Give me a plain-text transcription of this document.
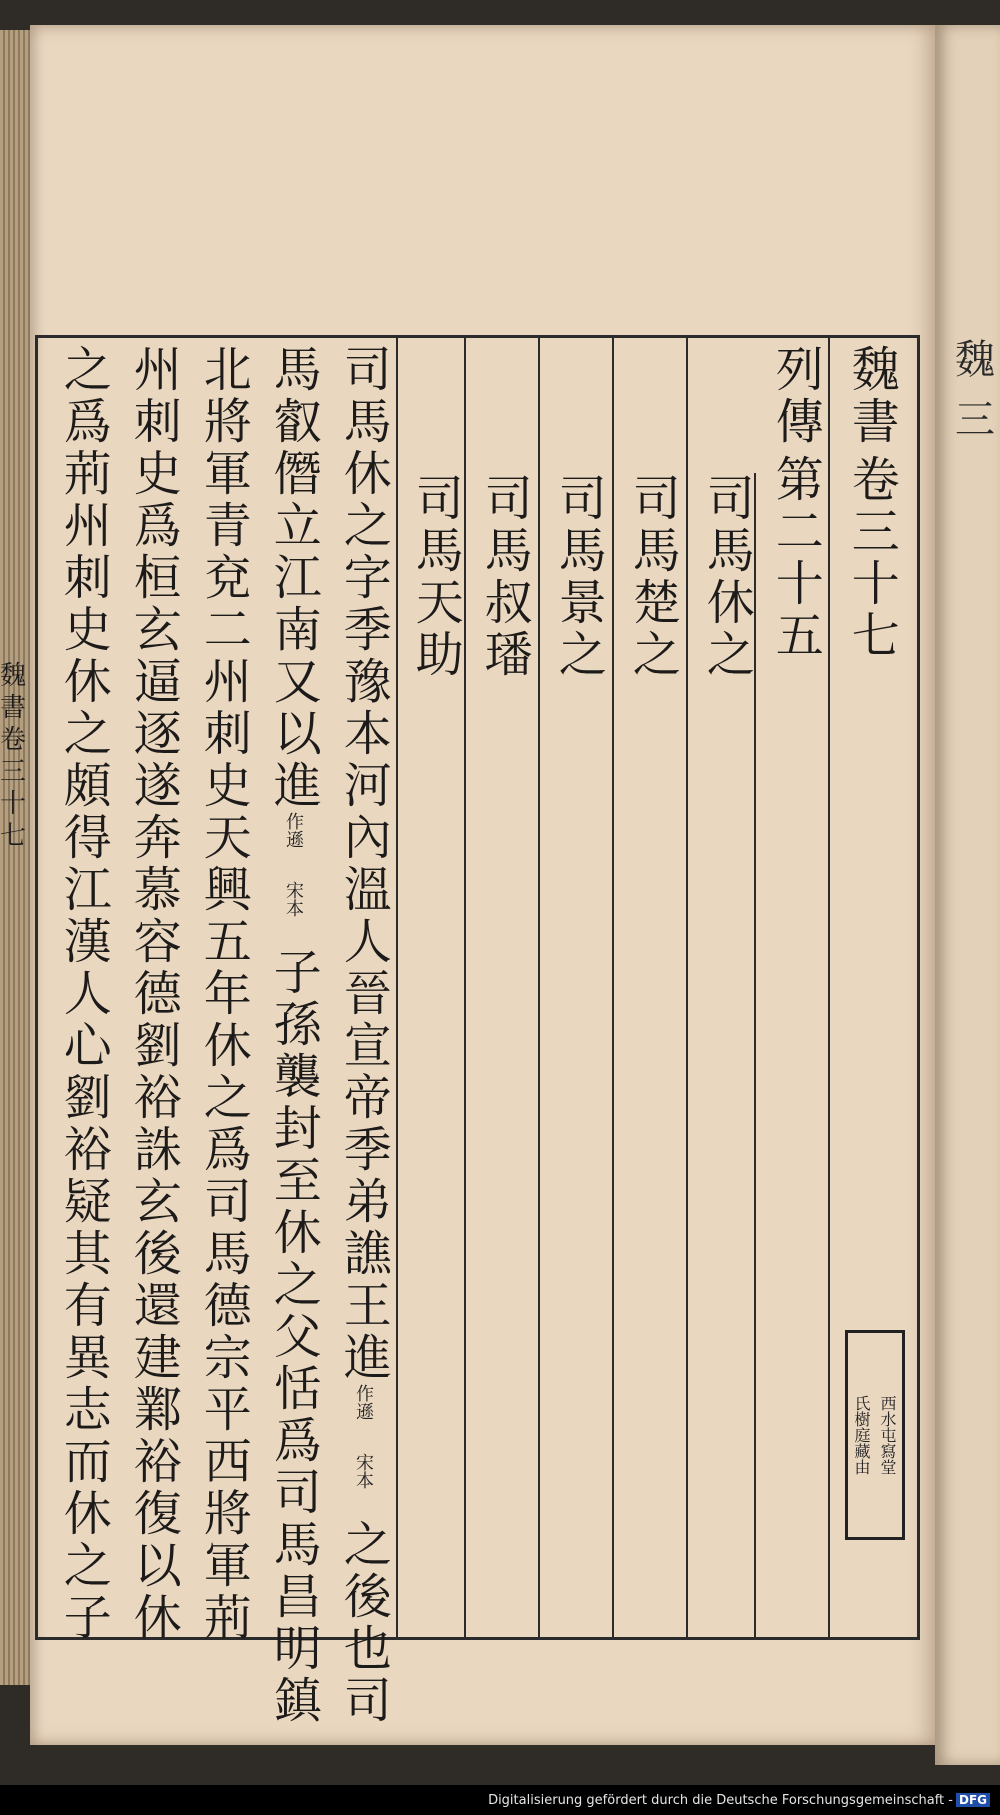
魏書卷三十七
魏三
魏書
卷三十七
列傳
第二十五
司馬休之
司馬楚之
司馬景之
司馬叔璠
司馬天助
司馬休之字季豫本河內溫人晉宣帝季弟譙王進
宋本
作遜
之後也司
馬叡僭立江南又以進
宋本
作遜
子孫襲封至休之父恬爲司馬昌明鎮
北將軍青兗二州刺史天興五年休之爲司馬德宗平西將軍荊
州刺史爲桓玄逼逐遂奔慕容德劉裕誅玄後還建鄴裕復以休
之爲荊州刺史休之頗得江漢人心劉裕疑其有異志而休之子	西水屯寫堂
氏樹庭藏由
Digitalisierung gefördert durch die Deutsche Forschungsgemeinschaft - DFG
